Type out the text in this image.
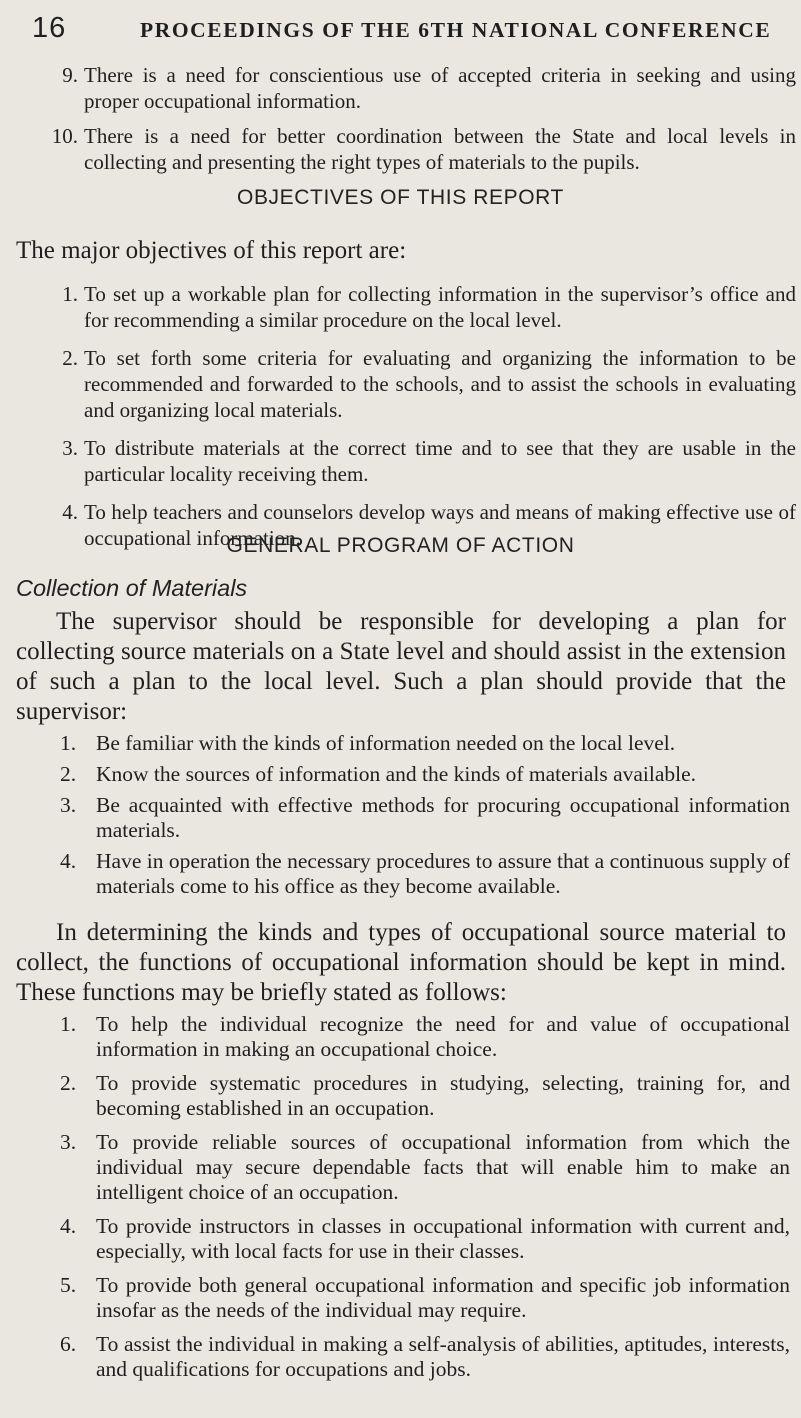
16	PROCEEDINGS OF THE 6TH NATIONAL CONFERENCE
9. There is a need for conscientious use of accepted criteria in seeking and using proper occupational information.
10. There is a need for better coordination between the State and local levels in collecting and presenting the right types of materials to the pupils.
OBJECTIVES OF THIS REPORT
The major objectives of this report are:
1. To set up a workable plan for collecting information in the supervisor’s office and for recommending a similar procedure on the local level.
2. To set forth some criteria for evaluating and organizing the information to be recommended and forwarded to the schools, and to assist the schools in evaluating and organizing local materials.
3. To distribute materials at the correct time and to see that they are usable in the particular locality receiving them.
4. To help teachers and counselors develop ways and means of making effective use of occupational information.
GENERAL PROGRAM OF ACTION
Collection of Materials
The supervisor should be responsible for developing a plan for collecting source materials on a State level and should assist in the extension of such a plan to the local level. Such a plan should provide that the supervisor:
1. Be familiar with the kinds of information needed on the local level.
2. Know the sources of information and the kinds of materials available.
3. Be acquainted with effective methods for procuring occupational information materials.
4. Have in operation the necessary procedures to assure that a continuous supply of materials come to his office as they become available.
In determining the kinds and types of occupational source material to collect, the functions of occupational information should be kept in mind. These functions may be briefly stated as follows:
1. To help the individual recognize the need for and value of occupational information in making an occupational choice.
2. To provide systematic procedures in studying, selecting, training for, and becoming established in an occupation.
3. To provide reliable sources of occupational information from which the individual may secure dependable facts that will enable him to make an intelligent choice of an occupation.
4. To provide instructors in classes in occupational information with current and, especially, with local facts for use in their classes.
5. To provide both general occupational information and specific job information insofar as the needs of the individual may require.
6. To assist the individual in making a self-analysis of abilities, aptitudes, interests, and qualifications for occupations and jobs.
